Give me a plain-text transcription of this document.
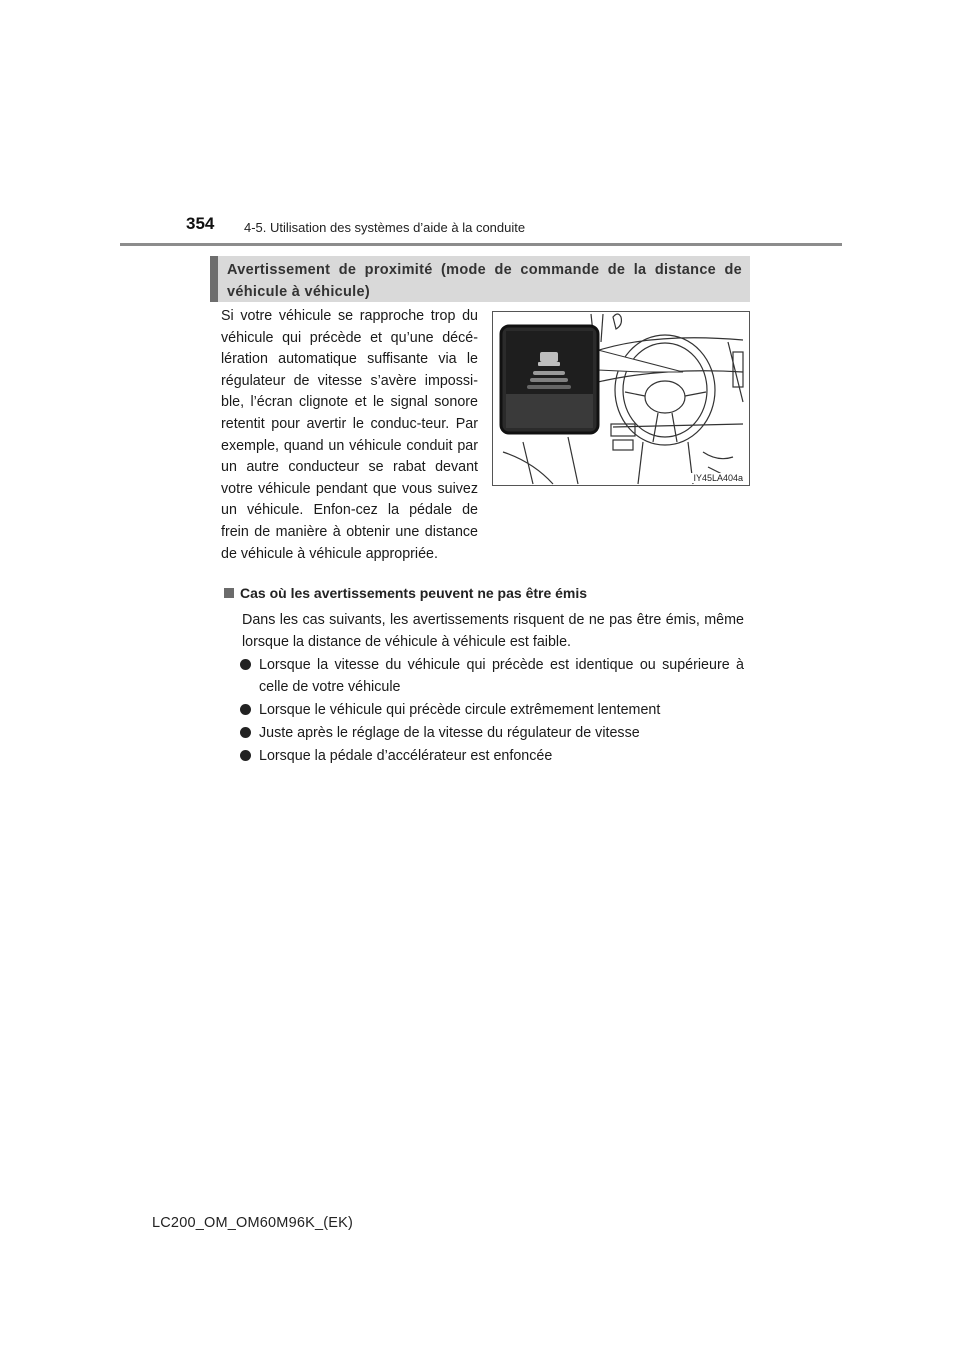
354 4-5. Utilisation des systèmes d’aide à la conduite

Avertissement de proximité (mode de commande de la distance de véhicule à véhicule)

Si votre véhicule se rapproche trop du véhicule qui précède et qu’une décé-lération automatique suffisante via le régulateur de vitesse s’avère impossi-ble, l’écran clignote et le signal sonore retentit pour avertir le conduc-teur. Par exemple, quand un véhicule conduit par un autre conducteur se rabat devant votre véhicule pendant que vous suivez un véhicule. Enfon-cez la pédale de frein de manière à obtenir une distance de véhicule à véhicule appropriée.

IY45LA404a
Cas où les avertissements peuvent ne pas être émis

Dans les cas suivants, les avertissements risquent de ne pas être émis, même lorsque la distance de véhicule à véhicule est faible.

Lorsque la vitesse du véhicule qui précède est identique ou supérieure à celle de votre véhicule
Lorsque le véhicule qui précède circule extrêmement lentement
Juste après le réglage de la vitesse du régulateur de vitesse
Lorsque la pédale d’accélérateur est enfoncée
LC200_OM_OM60M96K_(EK)
